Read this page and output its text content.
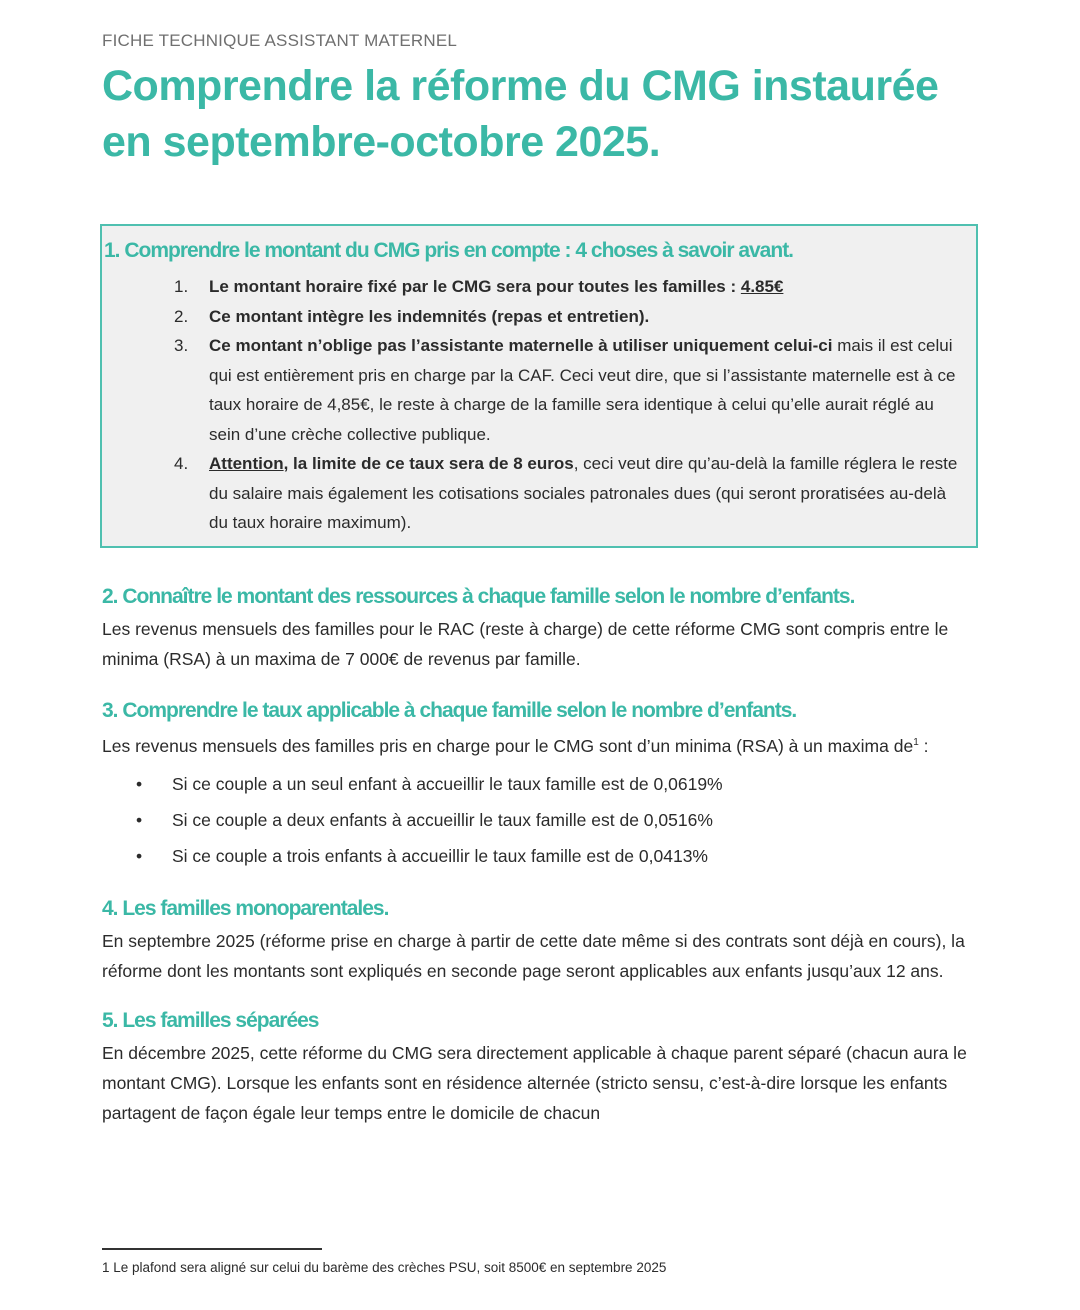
FICHE TECHNIQUE ASSISTANT MATERNEL

Comprendre la réforme du CMG instaurée en septembre-octobre 2025.

1. Comprendre le montant du CMG pris en compte : 4 choses à savoir avant.

1. Le montant horaire fixé par le CMG sera pour toutes les familles : 4.85€
2. Ce montant intègre les indemnités (repas et entretien).
3. Ce montant n’oblige pas l’assistante maternelle à utiliser uniquement celui-ci mais il est celui qui est entièrement pris en charge par la CAF. Ceci veut dire, que si l’assistante maternelle est à ce taux horaire de 4,85€, le reste à charge de la famille sera identique à celui qu’elle aurait réglé au sein d’une crèche collective publique.
4. Attention, la limite de ce taux sera de 8 euros, ceci veut dire qu’au-delà la famille réglera le reste du salaire mais également les cotisations sociales patronales dues (qui seront proratisées au-delà du taux horaire maximum).

2. Connaître le montant des ressources à chaque famille selon le nombre d’enfants.

Les revenus mensuels des familles pour le RAC (reste à charge) de cette réforme CMG sont compris entre le minima (RSA) à un maxima de 7 000€ de revenus par famille.

3. Comprendre le taux applicable à chaque famille selon le nombre d’enfants.

Les revenus mensuels des familles pris en charge pour le CMG sont d’un minima (RSA) à un maxima $de^1$ :

• Si ce couple a un seul enfant à accueillir le taux famille est de 0,0619%
• Si ce couple a deux enfants à accueillir le taux famille est de 0,0516%
• Si ce couple a trois enfants à accueillir le taux famille est de 0,0413%

4. Les familles monoparentales.

En septembre 2025 (réforme prise en charge à partir de cette date même si des contrats sont déjà en cours), la réforme dont les montants sont expliqués en seconde page seront applicables aux enfants jusqu’aux 12 ans.

5. Les familles séparées

En décembre 2025, cette réforme du CMG sera directement applicable à chaque parent séparé (chacun aura le montant CMG). Lorsque les enfants sont en résidence alternée (stricto sensu, c’est-à-dire lorsque les enfants partagent de façon égale leur temps entre le domicile de chacun

1 Le plafond sera aligné sur celui du barème des crèches PSU, soit 8500€ en septembre 2025
